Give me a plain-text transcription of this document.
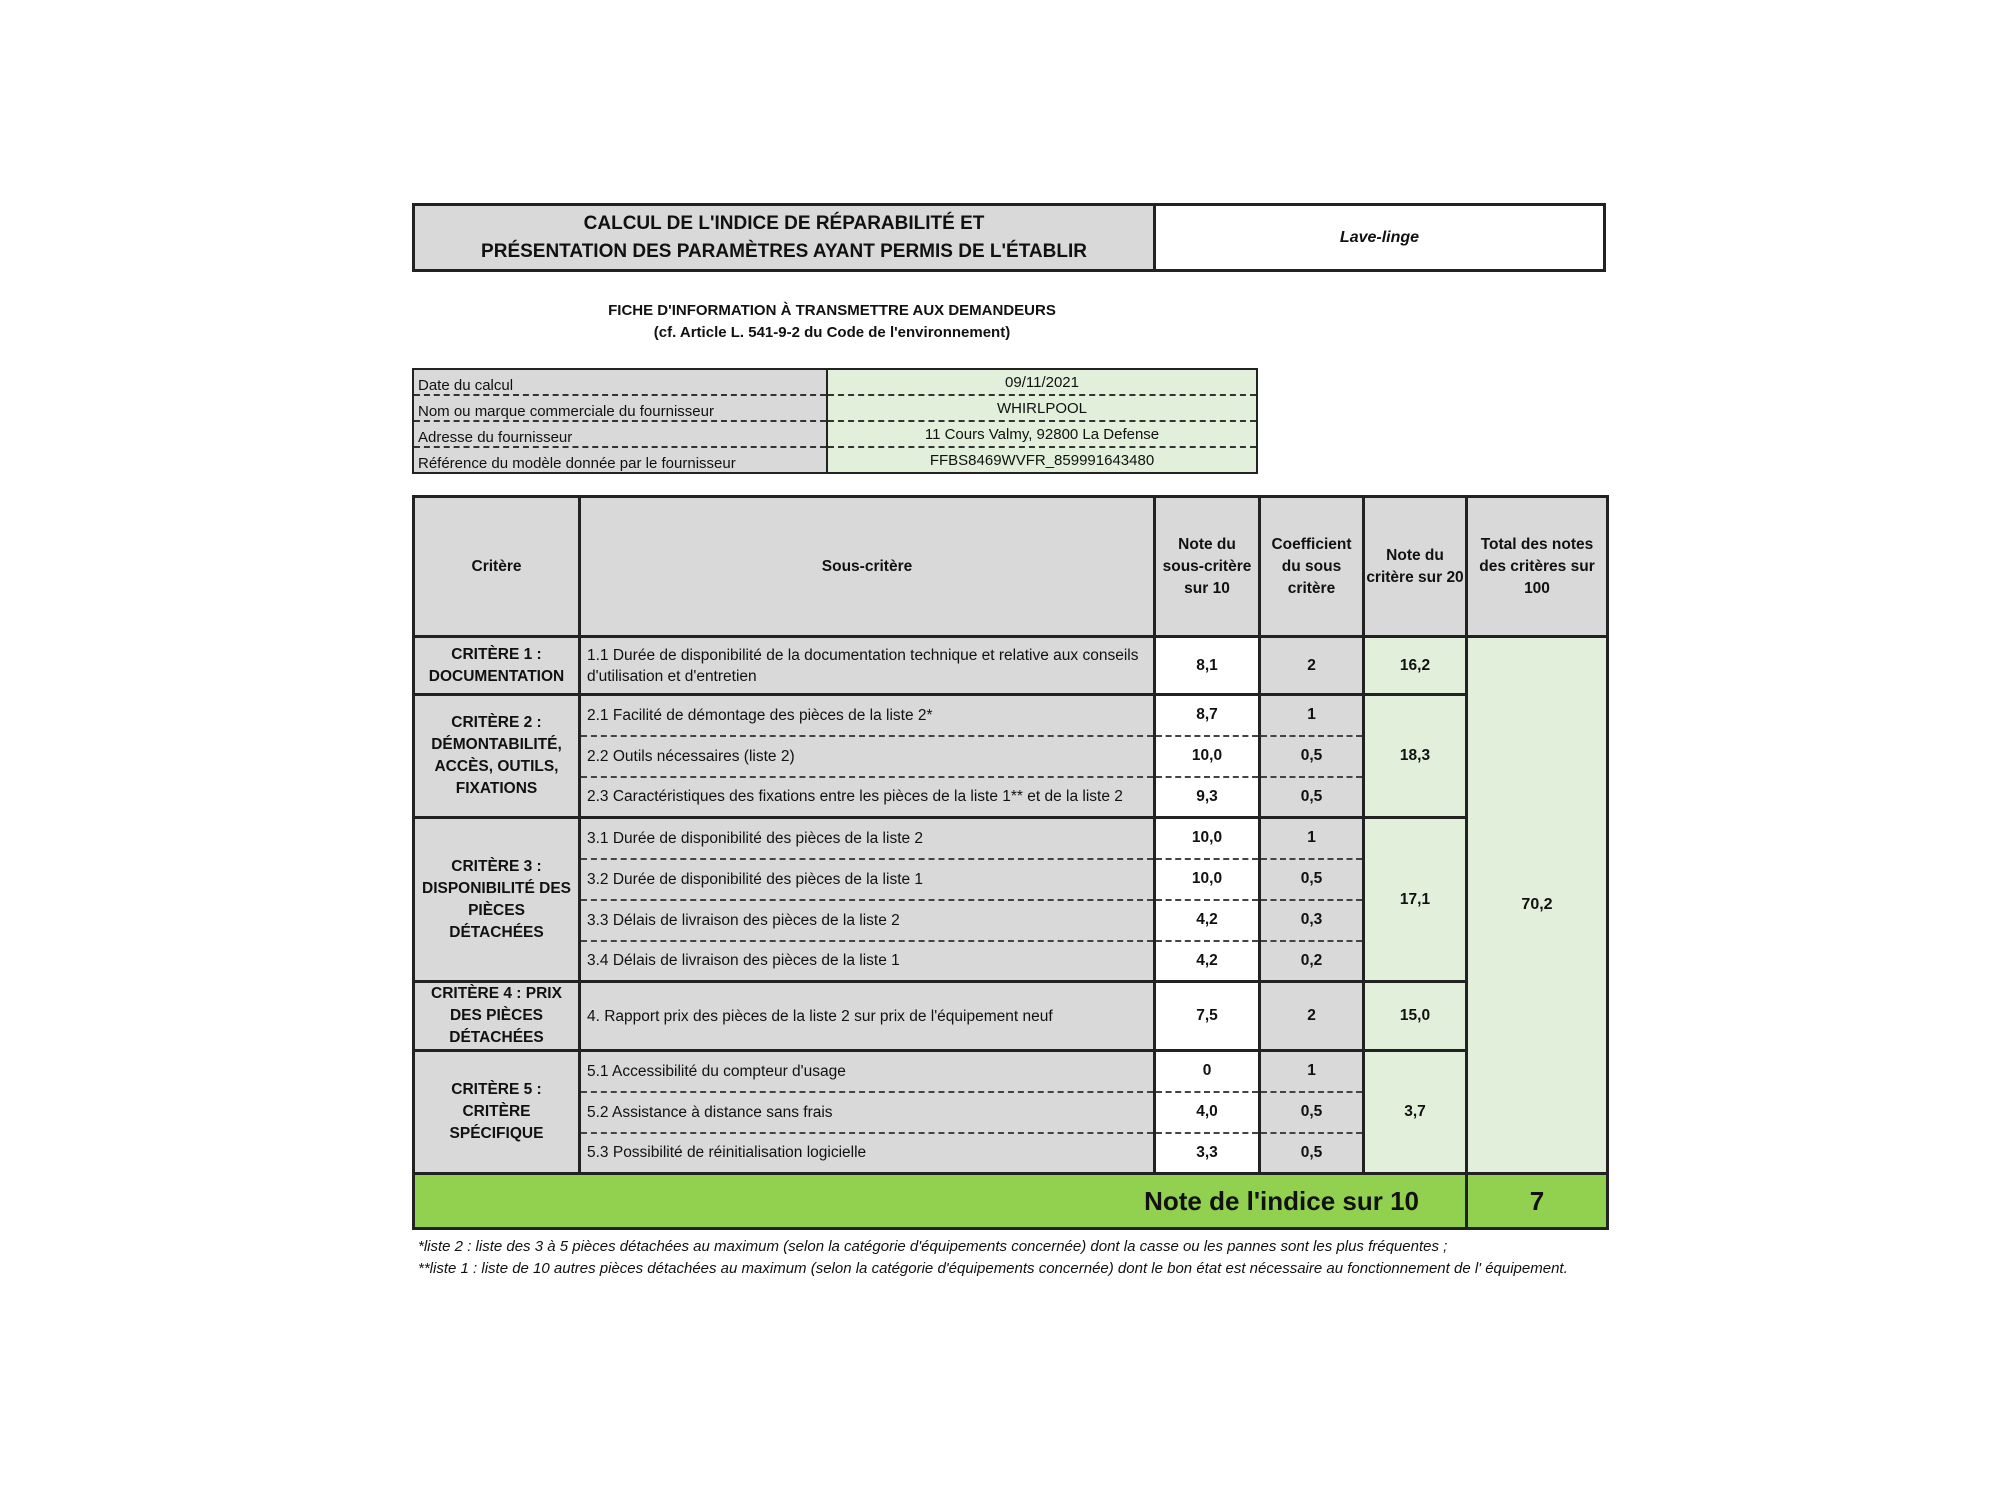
CALCUL DE L'INDICE DE RÉPARABILITÉ ET
PRÉSENTATION DES PARAMÈTRES AYANT PERMIS DE L'ÉTABLIR
Lave-linge
FICHE D'INFORMATION À TRANSMETTRE AUX DEMANDEURS
(cf. Article L. 541-9-2 du Code de l'environnement)
Date du calcul	09/11/2021
Nom ou marque commerciale du fournisseur	WHIRLPOOL
Adresse du fournisseur	11 Cours Valmy, 92800 La Defense
Référence du modèle donnée par le fournisseur	FFBS8469WVFR_859991643480
Critère	Sous-critère	Note du sous-critère sur 10	Coefficient du sous critère	Note du critère sur 20	Total des notes des critères sur 100
CRITÈRE 1 : DOCUMENTATION	1.1 Durée de disponibilité de la documentation technique et relative aux conseils d'utilisation et d'entretien	8,1	2	16,2	70,2
CRITÈRE 2 : DÉMONTABILITÉ, ACCÈS, OUTILS, FIXATIONS	2.1 Facilité de démontage des pièces de la liste 2*	8,7	1	18,3	
	2.2 Outils nécessaires (liste 2)	10,0	0,5		
	2.3 Caractéristiques des fixations entre les pièces de la liste 1** et de la liste 2	9,3	0,5		
CRITÈRE 3 : DISPONIBILITÉ DES PIÈCES DÉTACHÉES	3.1 Durée de disponibilité des pièces de la liste 2	10,0	1	17,1	
	3.2 Durée de disponibilité des pièces de la liste 1	10,0	0,5		
	3.3 Délais de livraison des pièces de la liste 2	4,2	0,3		
	3.4 Délais de livraison des pièces de la liste 1	4,2	0,2		
CRITÈRE 4 : PRIX DES PIÈCES DÉTACHÉES	4. Rapport prix des pièces de la liste 2 sur prix de l'équipement neuf	7,5	2	15,0	
CRITÈRE 5 : CRITÈRE SPÉCIFIQUE	5.1 Accessibilité du compteur d'usage	0	1	3,7	
	5.2 Assistance à distance sans frais	4,0	0,5		
	5.3 Possibilité de réinitialisation logicielle	3,3	0,5		
Note de l'indice sur 10					7
*liste 2 : liste des 3 à 5 pièces détachées au maximum (selon la catégorie d'équipements concernée) dont la casse ou les pannes sont les plus fréquentes ;
**liste 1 : liste de 10 autres pièces détachées au maximum (selon la catégorie d'équipements concernée) dont le bon état est nécessaire au fonctionnement de l' équipement.
